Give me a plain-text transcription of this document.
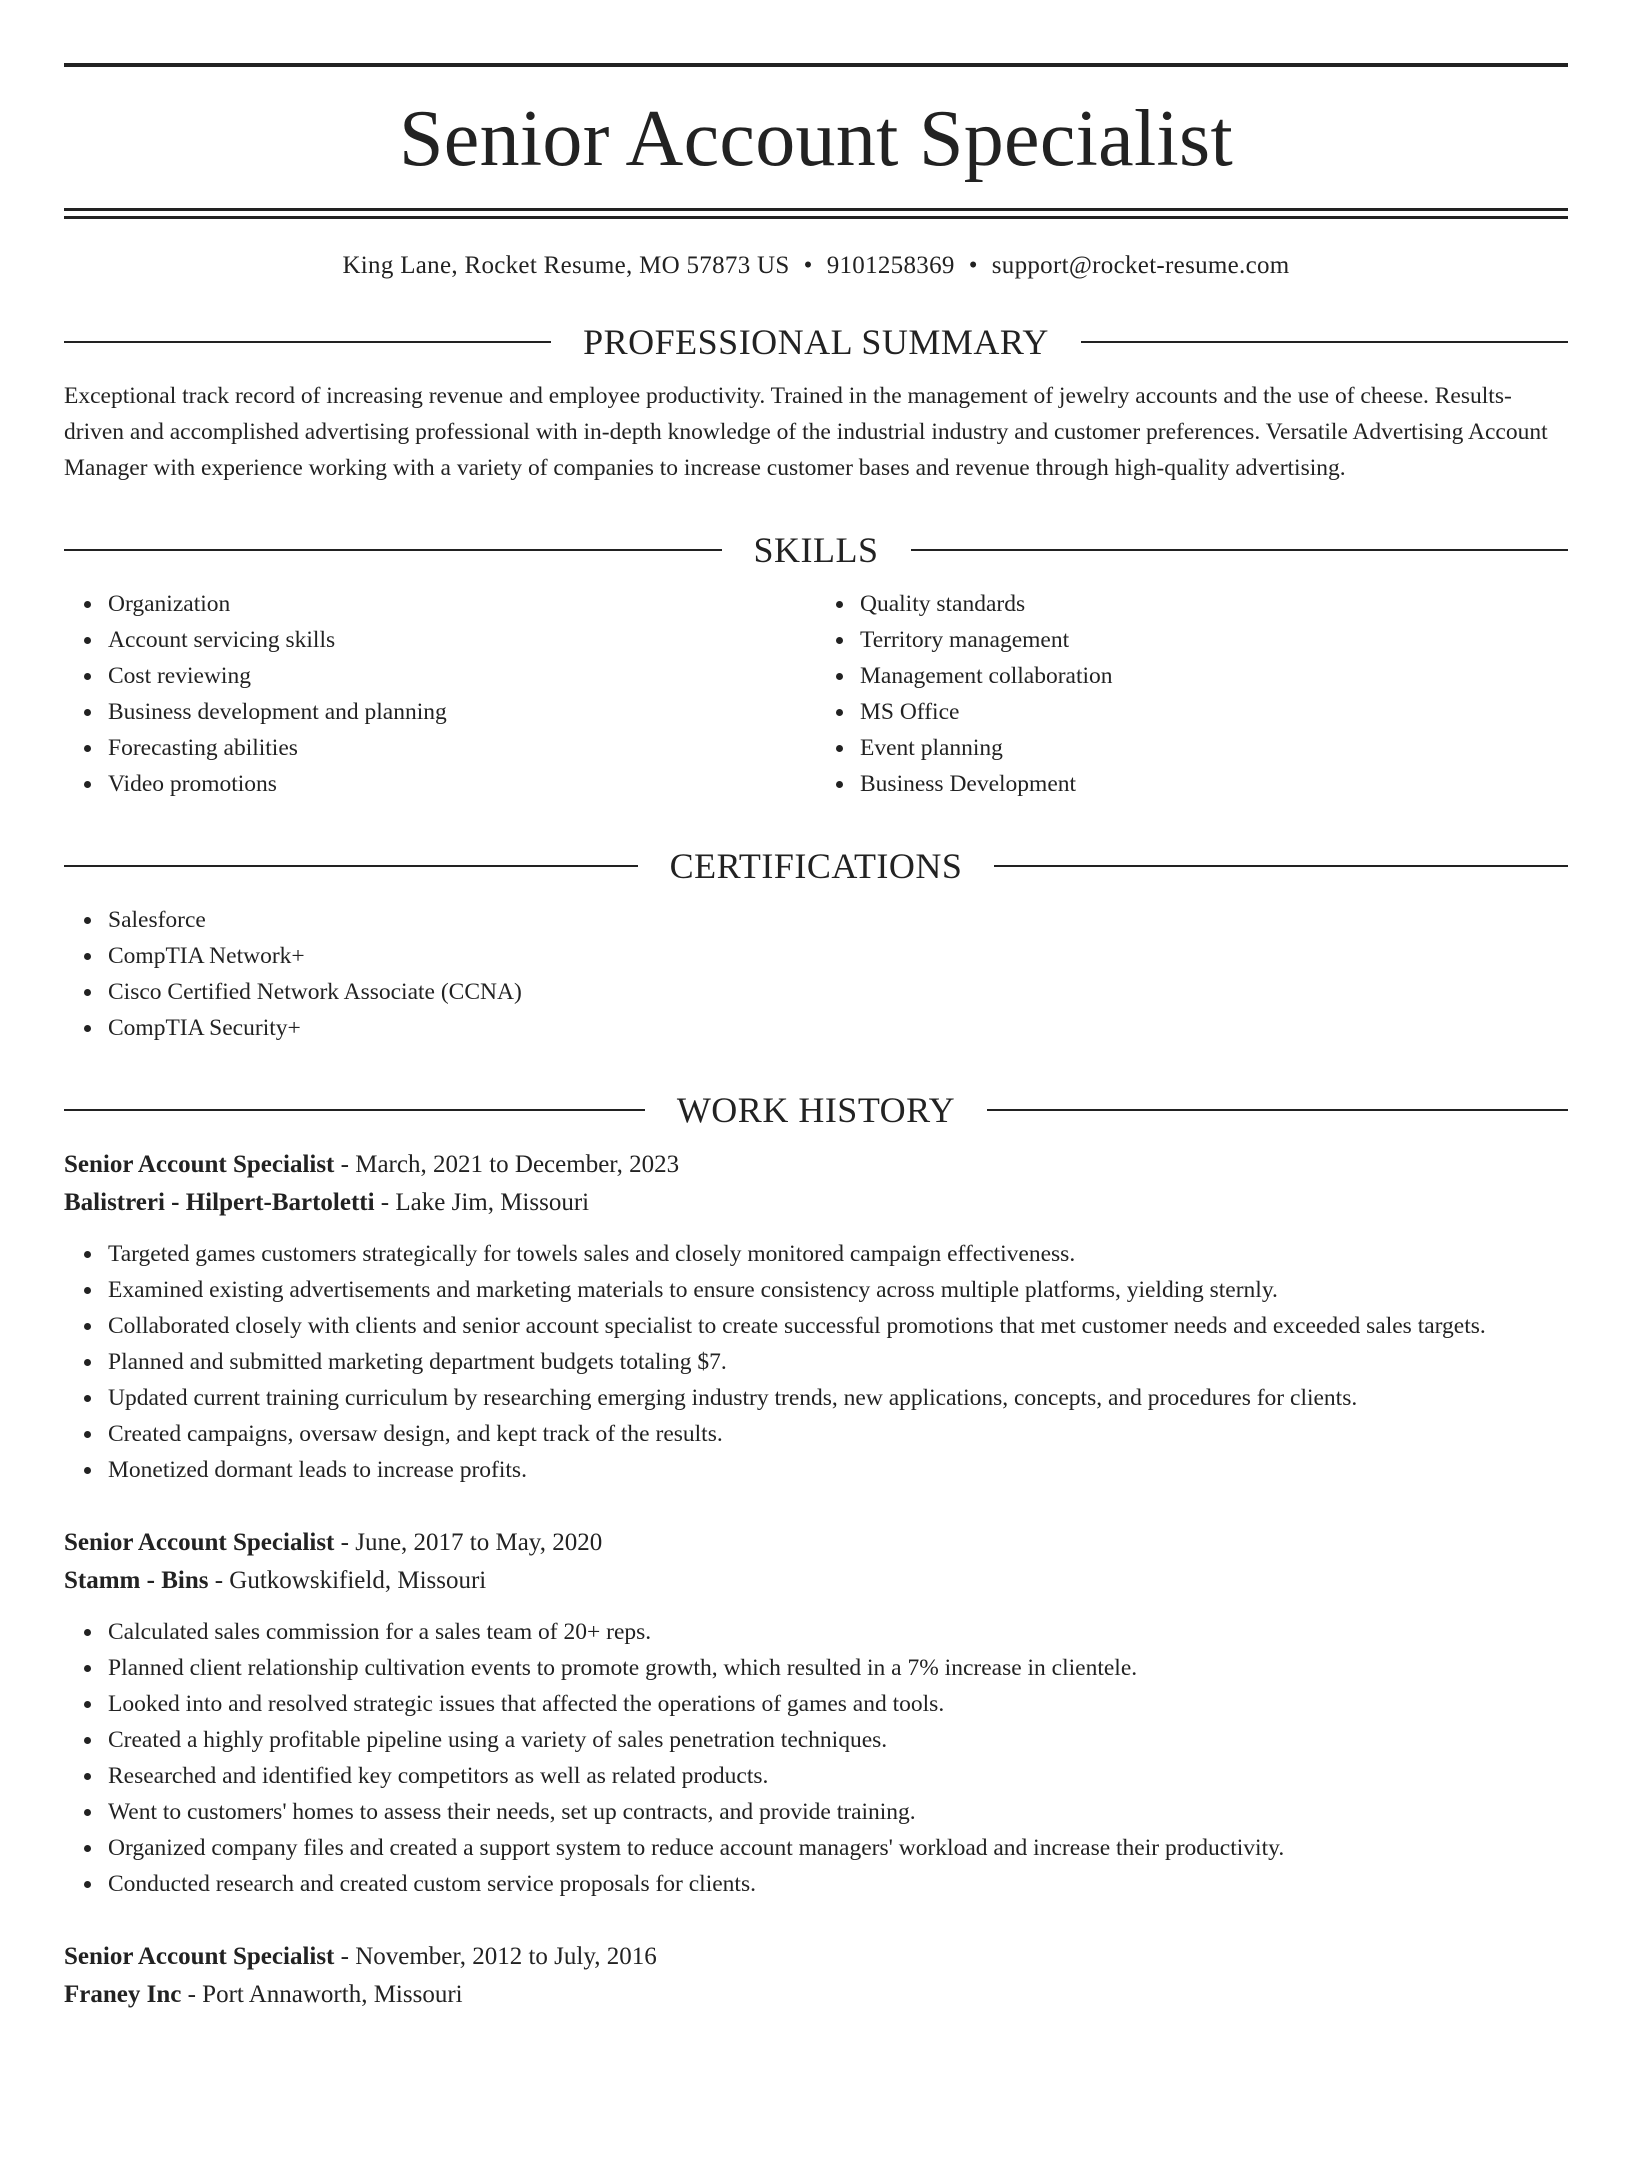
Senior Account Specialist
King Lane, Rocket Resume, MO 57873 US • 9101258369 • support@rocket-resume.com
PROFESSIONAL SUMMARY

Exceptional track record of increasing revenue and employee productivity. Trained in the management of jewelry accounts and the use of cheese. Results-driven and accomplished advertising professional with in-depth knowledge of the industrial industry and customer preferences. Versatile Advertising Account Manager with experience working with a variety of companies to increase customer bases and revenue through high-quality advertising.

SKILLS
Organization
Account servicing skills
Cost reviewing
Business development and planning
Forecasting abilities
Video promotions
Quality standards
Territory management
Management collaboration
MS Office
Event planning
Business Development
CERTIFICATIONS
Salesforce
CompTIA Network+
Cisco Certified Network Associate (CCNA)
CompTIA Security+
WORK HISTORY
Senior Account Specialist - March, 2021 to December, 2023
Balistreri - Hilpert-Bartoletti - Lake Jim, Missouri
Targeted games customers strategically for towels sales and closely monitored campaign effectiveness.
Examined existing advertisements and marketing materials to ensure consistency across multiple platforms, yielding sternly.
Collaborated closely with clients and senior account specialist to create successful promotions that met customer needs and exceeded sales targets.
Planned and submitted marketing department budgets totaling $7.
Updated current training curriculum by researching emerging industry trends, new applications, concepts, and procedures for clients.
Created campaigns, oversaw design, and kept track of the results.
Monetized dormant leads to increase profits.
Senior Account Specialist - June, 2017 to May, 2020
Stamm - Bins - Gutkowskifield, Missouri
Calculated sales commission for a sales team of 20+ reps.
Planned client relationship cultivation events to promote growth, which resulted in a 7% increase in clientele.
Looked into and resolved strategic issues that affected the operations of games and tools.
Created a highly profitable pipeline using a variety of sales penetration techniques.
Researched and identified key competitors as well as related products.
Went to customers' homes to assess their needs, set up contracts, and provide training.
Organized company files and created a support system to reduce account managers' workload and increase their productivity.
Conducted research and created custom service proposals for clients.
Senior Account Specialist - November, 2012 to July, 2016
Franey Inc - Port Annaworth, Missouri
